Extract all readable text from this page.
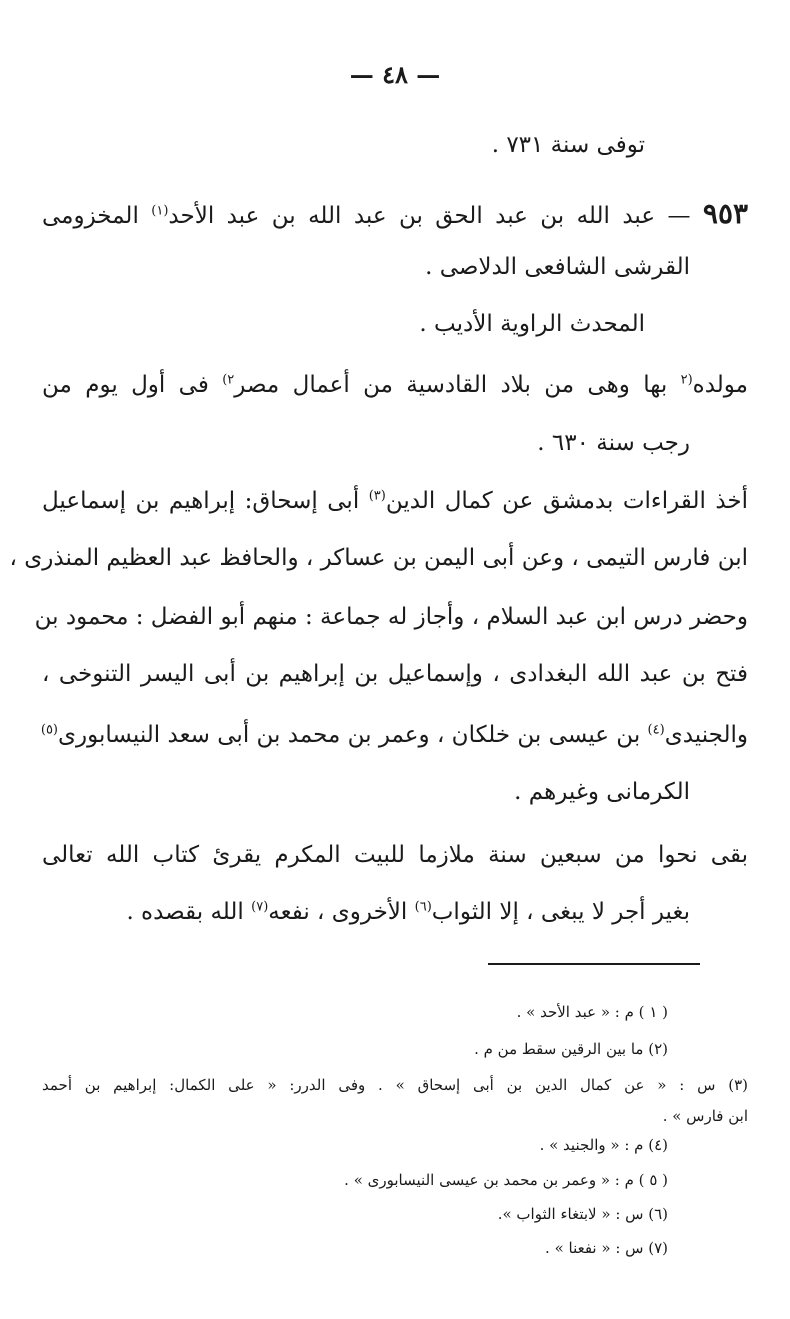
— ٤٨ —
توفى سنة ٧٣١ .
٩٥٣ — عبد الله بن عبد الحق بن عبد الله بن عبد الأحد$^{(١)}$ المخزومى
القرشى الشافعى الدلاصى .
المحدث الراوية الأديب .
مولده$^{(٢}$ بها وهى من بلاد القادسية من أعمال مصر$^{٢)}$ فى أول يوم من
رجب سنة ٦٣٠ .
أخذ القراءات بدمشق عن كمال الدين$^{(٣)}$ أبى إسحاق: إبراهيم بن إسماعيل
ابن فارس التيمى ، وعن أبى اليمن بن عساكر ، والحافظ عبد العظيم المنذرى ،
وحضر درس ابن عبد السلام ، وأجاز له جماعة : منهم أبو الفضل : محمود بن
فتح بن عبد الله البغدادى ، وإسماعيل بن إبراهيم بن أبى اليسر التنوخى ،
والجنيدى$^{(٤)}$ بن عيسى بن خلكان ، وعمر بن محمد بن أبى سعد النيسابورى$^{(٥)}$
الكرمانى وغيرهم .
بقى نحوا من سبعين سنة ملازما للبيت المكرم يقرئ كتاب الله تعالى
بغير أجر لا يبغى ، إلا الثواب$^{(٦)}$ الأخروى ، نفعه$^{(٧)}$ الله بقصده .
( ١ ) م : « عبد الأحد » .
(٢) ما بين الرقين سقط من م .
(٣) س : « عن كمال الدين بن أبى إسحاق » . وفى الدرر: « على الكمال: إبراهيم بن أحمد
ابن فارس » .
(٤) م : « والجنيد » .
( ٥ ) م : « وعمر بن محمد بن عيسى النيسابورى » .
(٦) س : « لابتغاء الثواب ».
(٧) س : « نفعنا » .
